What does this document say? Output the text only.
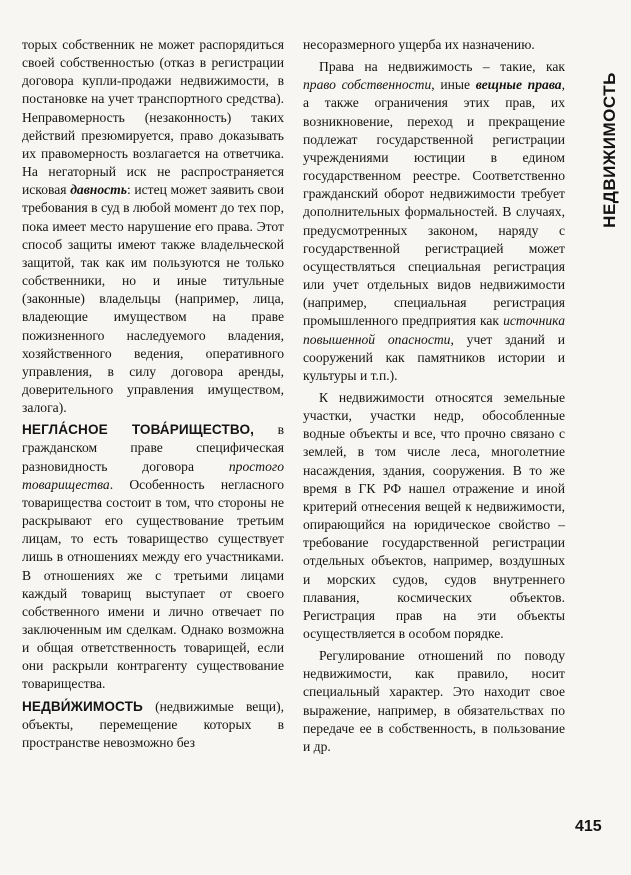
НЕДВИЖИМОСТЬ

торых собственник не может распорядиться своей собственностью (отказ в регистрации договора купли-продажи недвижимости, в постановке на учет транспортного средства). Неправомерность (незаконность) таких действий презюмируется, право доказывать их правомерность возлагается на ответчика. На негаторный иск не распространяется исковая давность: истец может заявить свои требования в суд в любой момент до тех пор, пока имеет место нарушение его права. Этот способ защиты имеют также владельческой защитой, так как им пользуются не только собственники, но и иные титульные (законные) владельцы (например, лица, владеющие имуществом на праве пожизненного наследуемого владения, хозяйственного ведения, оперативного управления, в силу договора аренды, доверительного управления имуществом, залога).

НЕГЛА́СНОЕ ТОВА́РИЩЕСТВО, в гражданском праве специфическая разновидность договора простого товарищества. Особенность негласного товарищества состоит в том, что стороны не раскрывают его существование третьим лицам, то есть товарищество существует лишь в отношениях между его участниками. В отношениях же с третьими лицами каждый товарищ выступает от своего собственного имени и лично отвечает по заключенным им сделкам. Однако возможна и общая ответственность товарищей, если они раскрыли контрагенту существование товарищества.

НЕДВИ́ЖИМОСТЬ (недвижимые вещи), объекты, перемещение которых в пространстве невозможно без

несоразмерного ущерба их назначению.

Права на недвижимость – такие, как право собственности, иные вещные права, а также ограничения этих прав, их возникновение, переход и прекращение подлежат государственной регистрации учреждениями юстиции в едином государственном реестре. Соответственно гражданский оборот недвижимости требует дополнительных формальностей. В случаях, предусмотренных законом, наряду с государственной регистрацией может осуществляться специальная регистрация или учет отдельных видов недвижимости (например, специальная регистрация промышленного предприятия как источника повышенной опасности, учет зданий и сооружений как памятников истории и культуры и т.п.).

К недвижимости относятся земельные участки, участки недр, обособленные водные объекты и все, что прочно связано с землей, в том числе леса, многолетние насаждения, здания, сооружения. В то же время в ГК РФ нашел отражение и иной критерий отнесения вещей к недвижимости, опирающийся на юридическое свойство – требование государственной регистрации отдельных объектов, например, воздушных и морских судов, судов внутреннего плавания, космических объектов. Регистрация прав на эти объекты осуществляется в особом порядке.

Регулирование отношений по поводу недвижимости, как правило, носит специальный характер. Это находит свое выражение, например, в обязательствах по передаче ее в собственность, в пользование и др.

415
